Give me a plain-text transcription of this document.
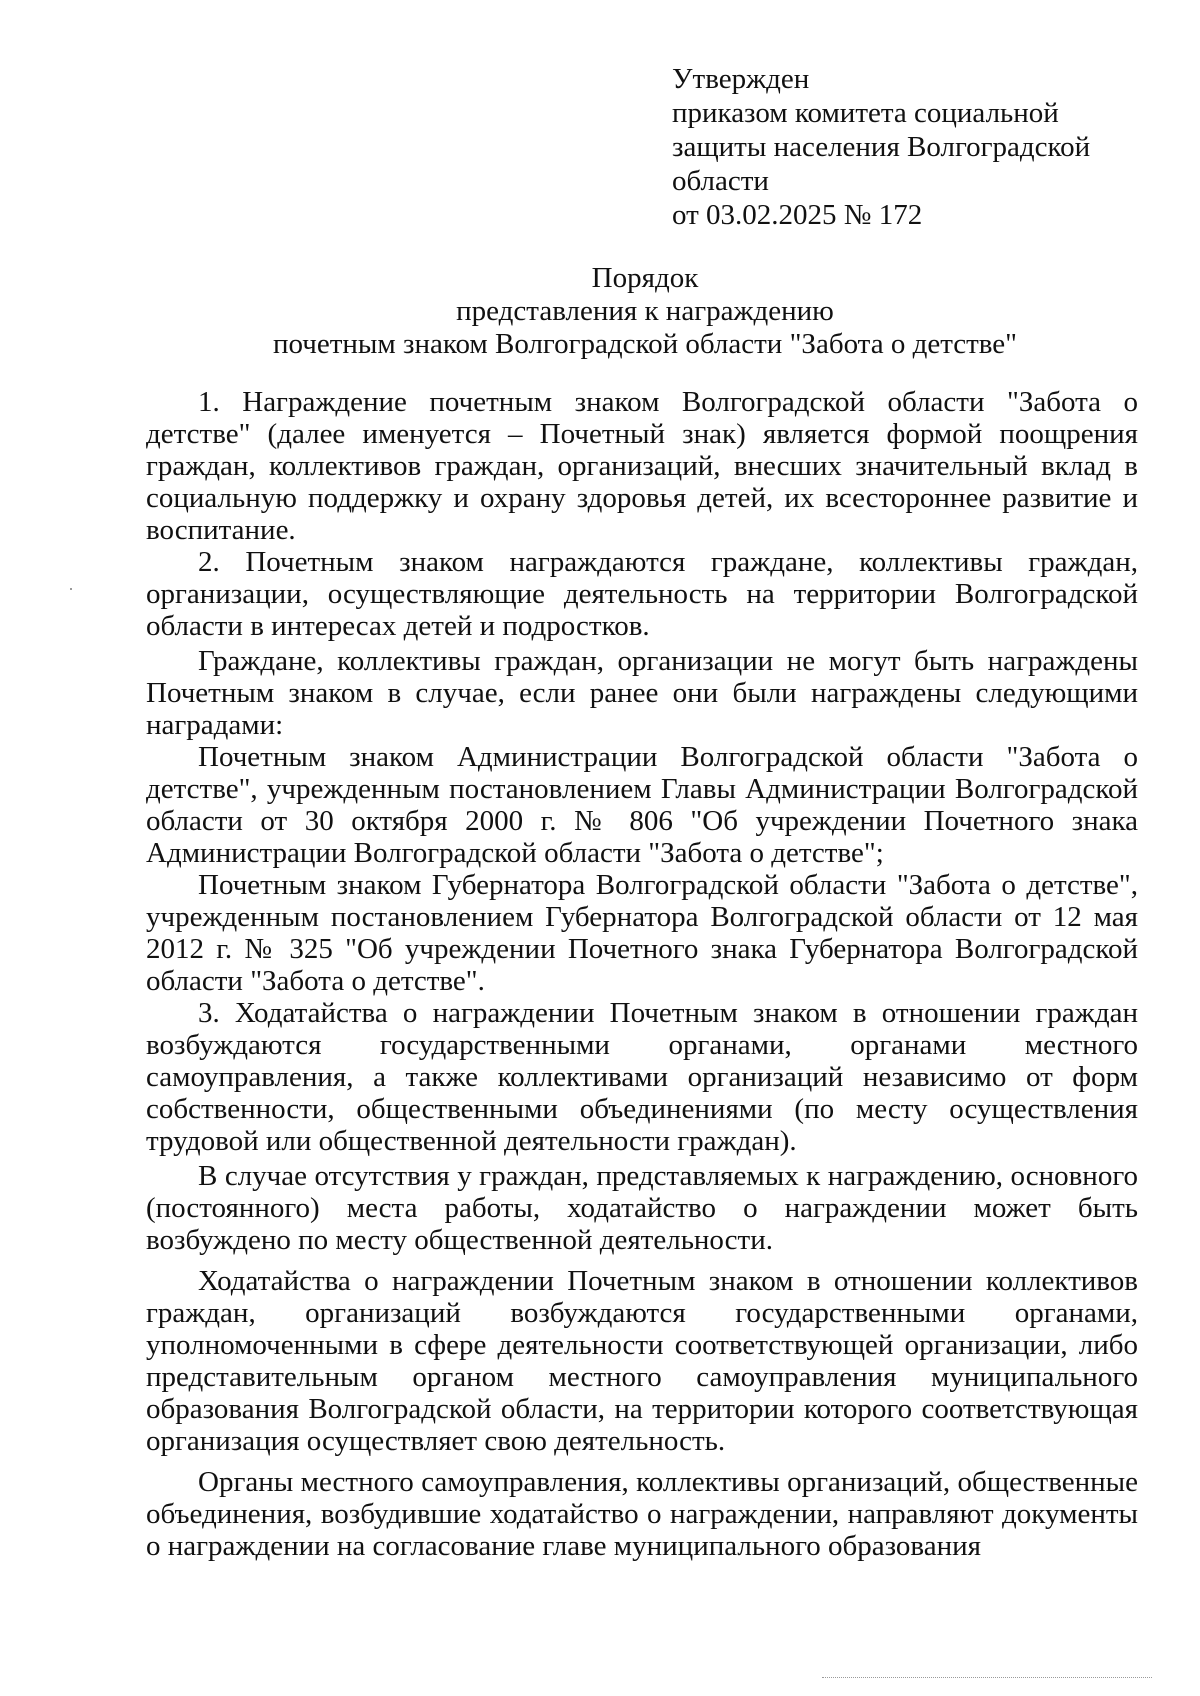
Утвержден
приказом комитета социальной
защиты населения Волгоградской
области
от 03.02.2025 № 172
Порядок
представления к награждению
почетным знаком Волгоградской области "Забота о детстве"

1. Награждение почетным знаком Волгоградской области "Забота о детстве" (далее именуется – Почетный знак) является формой поощрения граждан, коллективов граждан, организаций, внесших значительный вклад в социальную поддержку и охрану здоровья детей, их всестороннее развитие и воспитание.

2. Почетным знаком награждаются граждане, коллективы граждан, организации, осуществляющие деятельность на территории Волгоградской области в интересах детей и подростков.

Граждане, коллективы граждан, организации не могут быть награждены Почетным знаком в случае, если ранее они были награждены следующими наградами:

Почетным знаком Администрации Волгоградской области "Забота о детстве", учрежденным постановлением Главы Администрации Волгоградской области от 30 октября 2000 г. № 806 "Об учреждении Почетного знака Администрации Волгоградской области "Забота о детстве";

Почетным знаком Губернатора Волгоградской области "Забота о детстве", учрежденным постановлением Губернатора Волгоградской области от 12 мая 2012 г. № 325 "Об учреждении Почетного знака Губернатора Волгоградской области "Забота о детстве".

3. Ходатайства о награждении Почетным знаком в отношении граждан возбуждаются государственными органами, органами местного самоуправления, а также коллективами организаций независимо от форм собственности, общественными объединениями (по месту осуществления трудовой или общественной деятельности граждан).

В случае отсутствия у граждан, представляемых к награждению, основного (постоянного) места работы, ходатайство о награждении может быть возбуждено по месту общественной деятельности.

Ходатайства о награждении Почетным знаком в отношении коллективов граждан, организаций возбуждаются государственными органами, уполномоченными в сфере деятельности соответствующей организации, либо представительным органом местного самоуправления муниципального образования Волгоградской области, на территории которого соответствующая организация осуществляет свою деятельность.

Органы местного самоуправления, коллективы организаций, общественные объединения, возбудившие ходатайство о награждении, направляют документы о награждении на согласование главе муниципального образования
